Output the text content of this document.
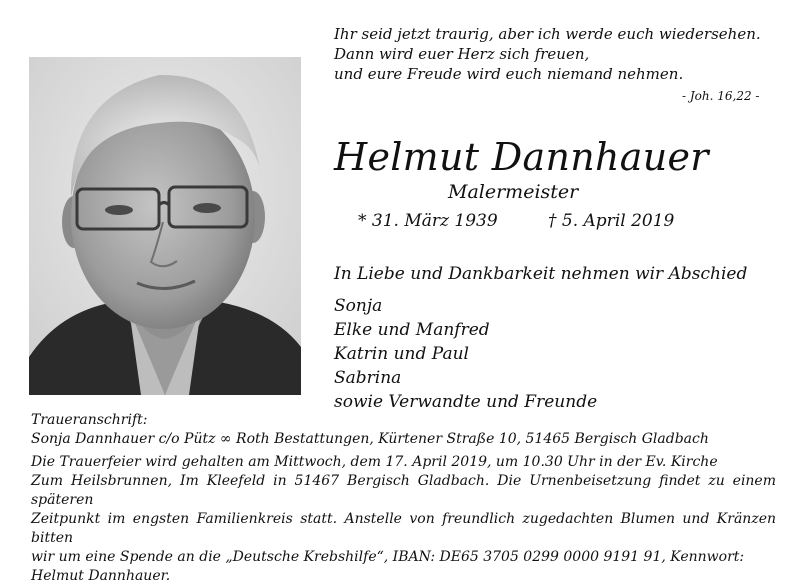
Ihr seid jetzt traurig, aber ich werde euch wiedersehen.
Dann wird euer Herz sich freuen,
und eure Freude wird euch niemand nehmen.
- Joh. 16,22 -
Helmut Dannhauer
Malermeister
* 31. März 1939	† 5. April 2019
In Liebe und Dankbarkeit nehmen wir Abschied
Sonja
Elke und Manfred
Katrin und Paul
Sabrina
sowie Verwandte und Freunde
Traueranschrift:
Sonja Dannhauer c/o Pütz ∞ Roth Bestattungen, Kürtener Straße 10, 51465 Bergisch Gladbach
Die Trauerfeier wird gehalten am Mittwoch, dem 17. April 2019, um 10.30 Uhr in der Ev. Kirche
Zum Heilsbrunnen, Im Kleefeld in 51467 Bergisch Gladbach. Die Urnenbeisetzung findet zu einem späteren
Zeitpunkt im engsten Familienkreis statt. Anstelle von freundlich zugedachten Blumen und Kränzen bitten
wir um eine Spende an die „Deutsche Krebshilfe“, IBAN: DE65 3705 0299 0000 9191 91, Kennwort:
Helmut Dannhauer.
